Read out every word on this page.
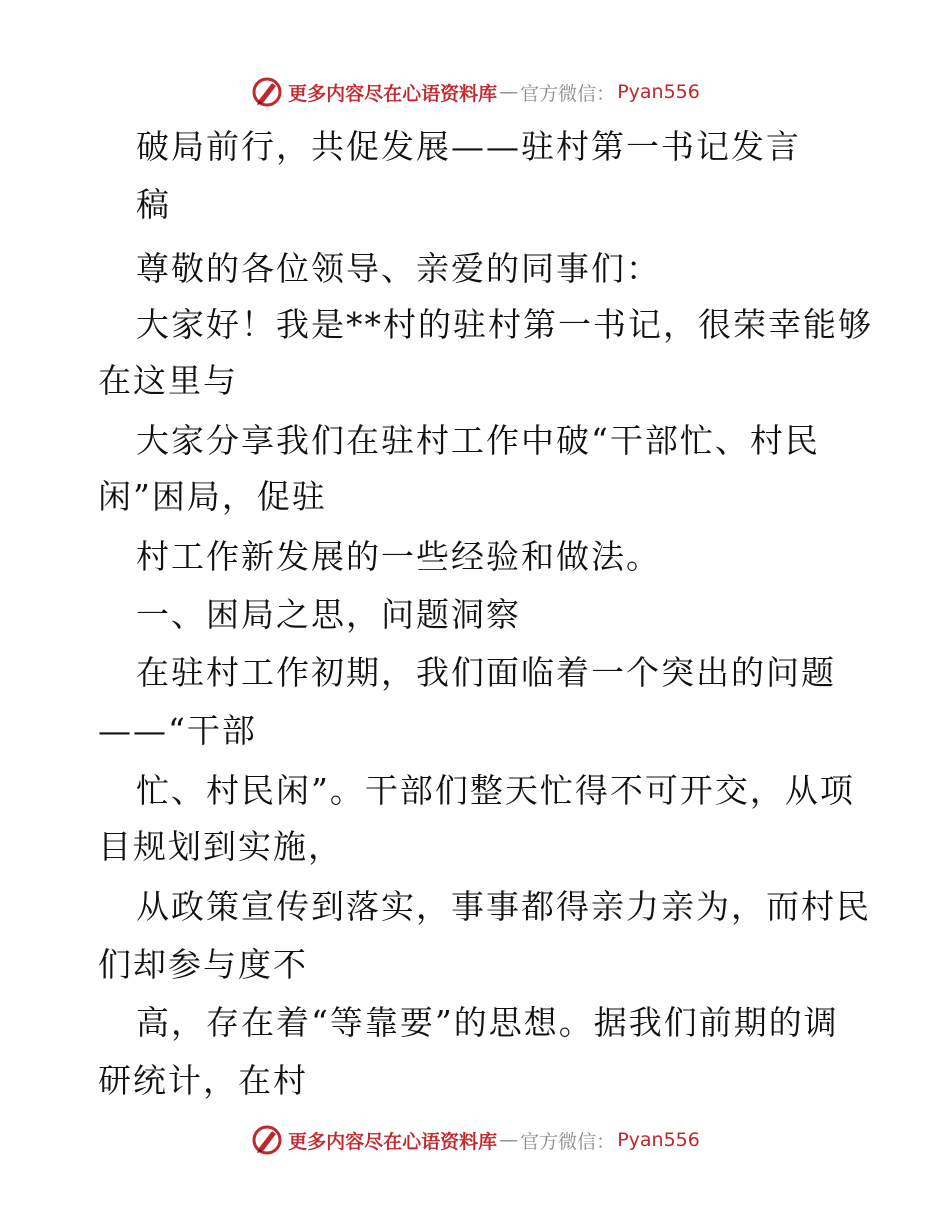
更多内容尽在心语资料库 — 官方微信： Pyan556
破局前行，共促发展——驻村第一书记发言
稿
尊敬的各位领导、亲爱的同事们：
大家好！我是**村的驻村第一书记，很荣幸能够
在这里与
大家分享我们在驻村工作中破“干部忙、村民
闲”困局，促驻
村工作新发展的一些经验和做法。
一、困局之思，问题洞察
在驻村工作初期，我们面临着一个突出的问题
——“干部
忙、村民闲”。干部们整天忙得不可开交，从项
目规划到实施，
从政策宣传到落实，事事都得亲力亲为，而村民
们却参与度不
高，存在着“等靠要”的思想。据我们前期的调
研统计，在村
更多内容尽在心语资料库 — 官方微信： Pyan556
